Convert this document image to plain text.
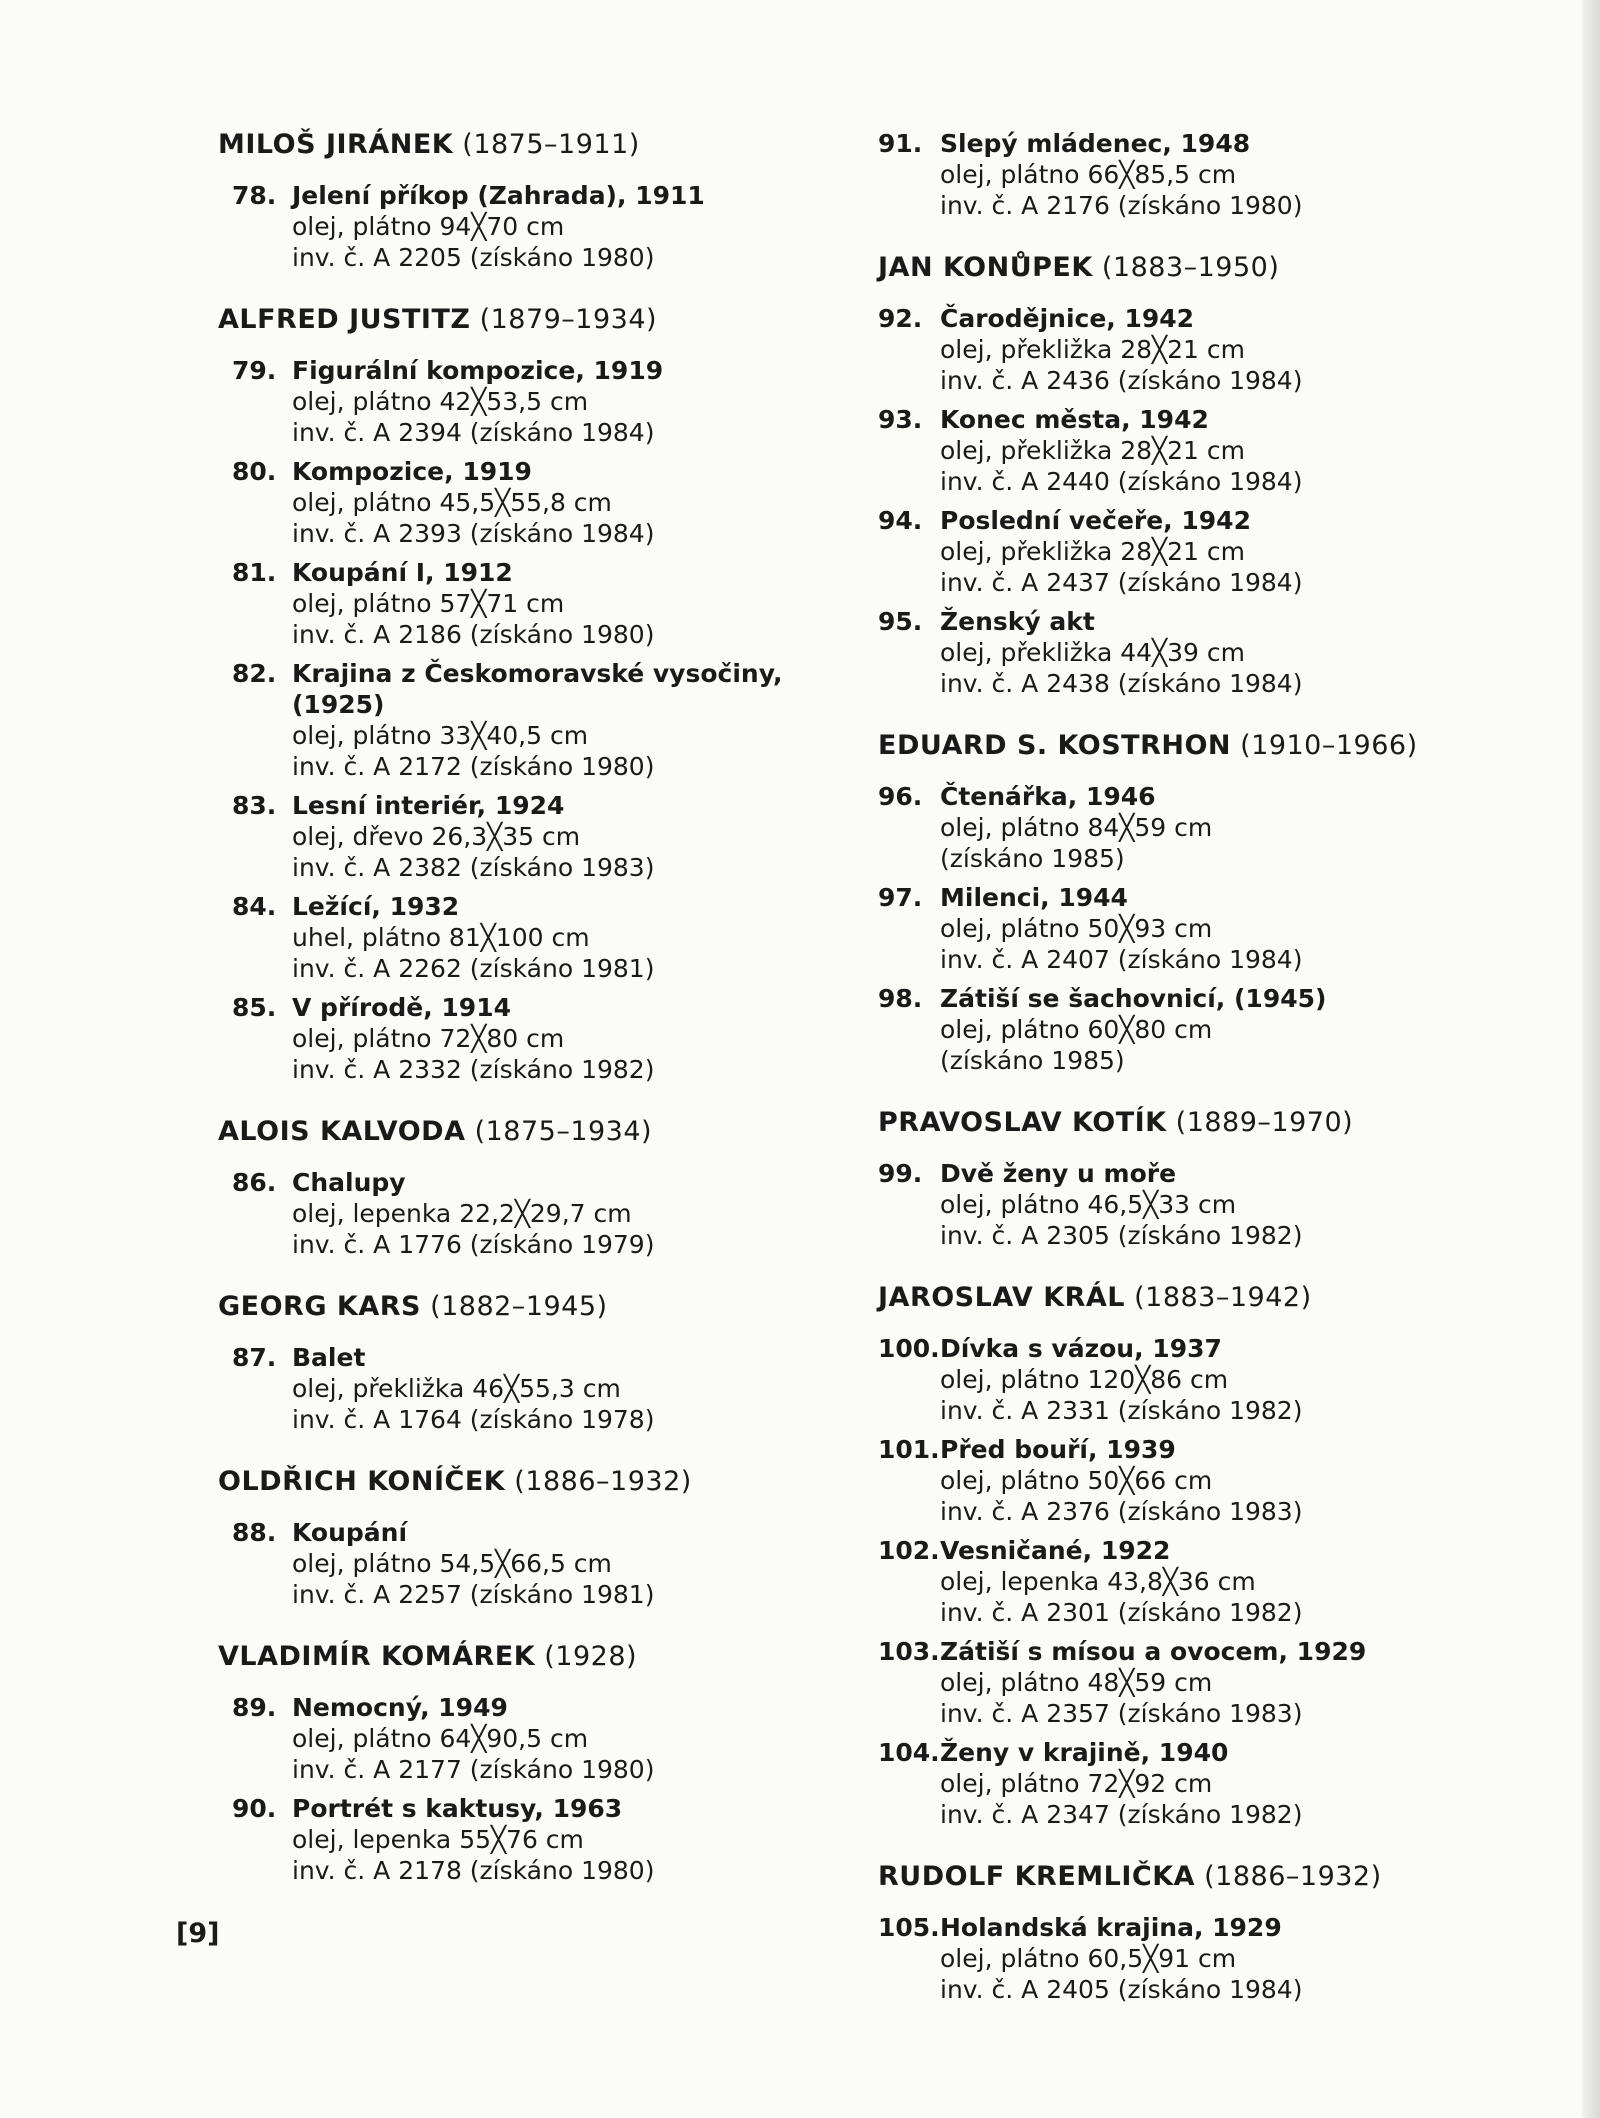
MILOŠ JIRÁNEK (1875–1911)
78. Jelení příkop (Zahrada), 1911
olej, plátno 94╳70 cm
inv. č. A 2205 (získáno 1980)
ALFRED JUSTITZ (1879–1934)
79. Figurální kompozice, 1919
olej, plátno 42╳53,5 cm
inv. č. A 2394 (získáno 1984)
80. Kompozice, 1919
olej, plátno 45,5╳55,8 cm
inv. č. A 2393 (získáno 1984)
81. Koupání I, 1912
olej, plátno 57╳71 cm
inv. č. A 2186 (získáno 1980)
82. Krajina z Českomoravské vysočiny, (1925)
olej, plátno 33╳40,5 cm
inv. č. A 2172 (získáno 1980)
83. Lesní interiér, 1924
olej, dřevo 26,3╳35 cm
inv. č. A 2382 (získáno 1983)
84. Ležící, 1932
uhel, plátno 81╳100 cm
inv. č. A 2262 (získáno 1981)
85. V přírodě, 1914
olej, plátno 72╳80 cm
inv. č. A 2332 (získáno 1982)
ALOIS KALVODA (1875–1934)
86. Chalupy
olej, lepenka 22,2╳29,7 cm
inv. č. A 1776 (získáno 1979)
GEORG KARS (1882–1945)
87. Balet
olej, překližka 46╳55,3 cm
inv. č. A 1764 (získáno 1978)
OLDŘICH KONÍČEK (1886–1932)
88. Koupání
olej, plátno 54,5╳66,5 cm
inv. č. A 2257 (získáno 1981)
VLADIMÍR KOMÁREK (1928)
89. Nemocný, 1949
olej, plátno 64╳90,5 cm
inv. č. A 2177 (získáno 1980)
90. Portrét s kaktusy, 1963
olej, lepenka 55╳76 cm
inv. č. A 2178 (získáno 1980)
91. Slepý mládenec, 1948
olej, plátno 66╳85,5 cm
inv. č. A 2176 (získáno 1980)
JAN KONŮPEK (1883–1950)
92. Čarodějnice, 1942
olej, překližka 28╳21 cm
inv. č. A 2436 (získáno 1984)
93. Konec města, 1942
olej, překližka 28╳21 cm
inv. č. A 2440 (získáno 1984)
94. Poslední večeře, 1942
olej, překližka 28╳21 cm
inv. č. A 2437 (získáno 1984)
95. Ženský akt
olej, překližka 44╳39 cm
inv. č. A 2438 (získáno 1984)
EDUARD S. KOSTRHON (1910–1966)
96. Čtenářka, 1946
olej, plátno 84╳59 cm
(získáno 1985)
97. Milenci, 1944
olej, plátno 50╳93 cm
inv. č. A 2407 (získáno 1984)
98. Zátiší se šachovnicí, (1945)
olej, plátno 60╳80 cm
(získáno 1985)
PRAVOSLAV KOTÍK (1889–1970)
99. Dvě ženy u moře
olej, plátno 46,5╳33 cm
inv. č. A 2305 (získáno 1982)
JAROSLAV KRÁL (1883–1942)
100. Dívka s vázou, 1937
olej, plátno 120╳86 cm
inv. č. A 2331 (získáno 1982)
101. Před bouří, 1939
olej, plátno 50╳66 cm
inv. č. A 2376 (získáno 1983)
102. Vesničané, 1922
olej, lepenka 43,8╳36 cm
inv. č. A 2301 (získáno 1982)
103. Zátiší s mísou a ovocem, 1929
olej, plátno 48╳59 cm
inv. č. A 2357 (získáno 1983)
104. Ženy v krajině, 1940
olej, plátno 72╳92 cm
inv. č. A 2347 (získáno 1982)
RUDOLF KREMLIČKA (1886–1932)
105. Holandská krajina, 1929
olej, plátno 60,5╳91 cm
inv. č. A 2405 (získáno 1984)
[9]
